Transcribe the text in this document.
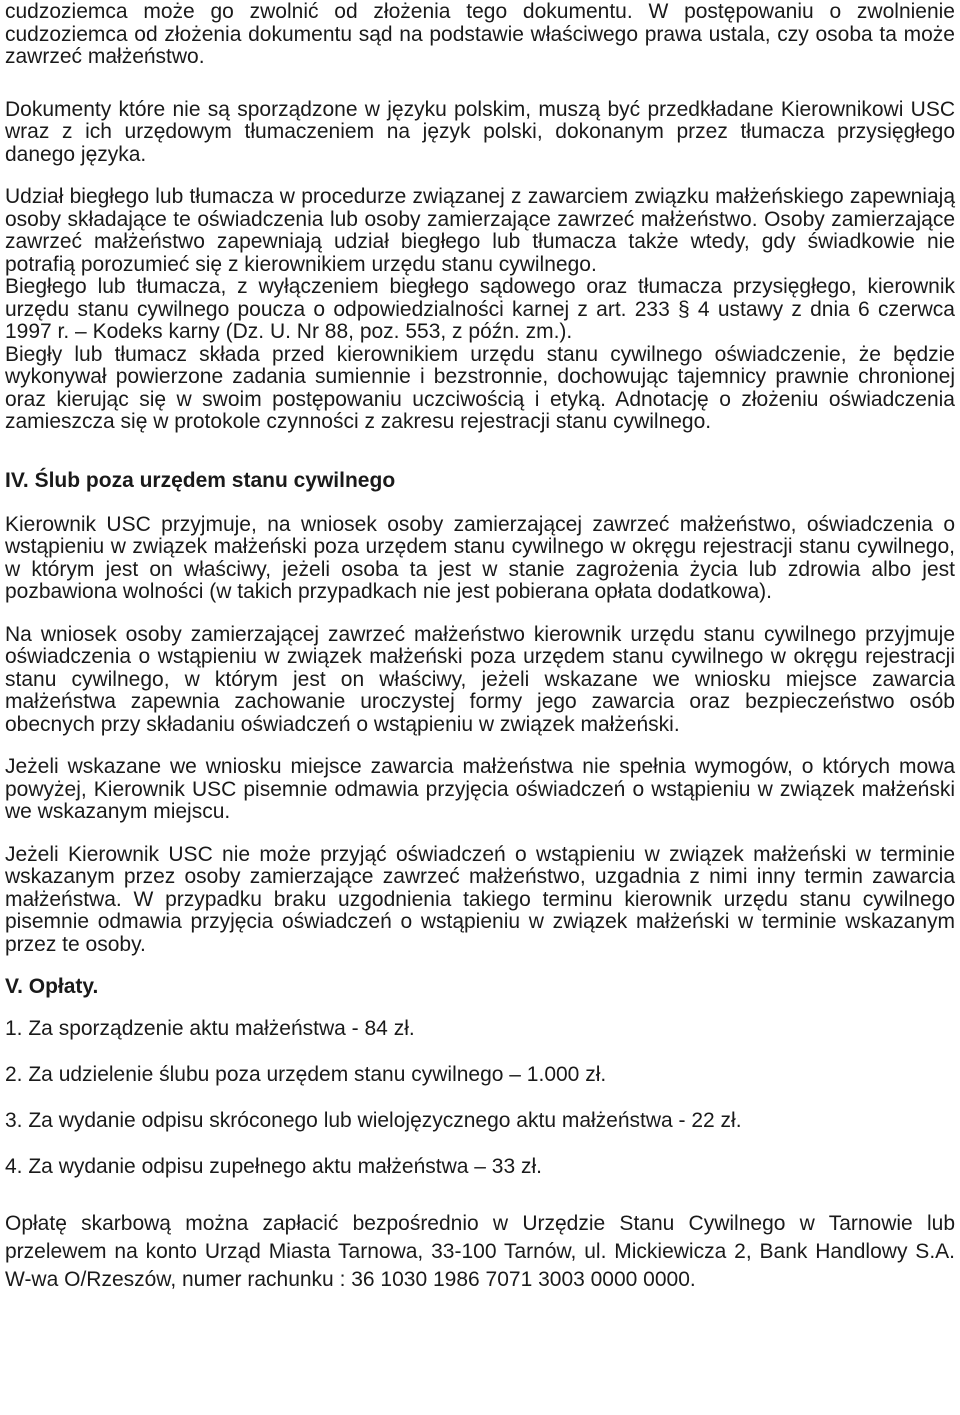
cudzoziemca może go zwolnić od złożenia tego dokumentu. W postępowaniu o zwolnienie cudzoziemca od złożenia dokumentu sąd na podstawie właściwego prawa ustala, czy osoba ta może zawrzeć małżeństwo.

Dokumenty które nie są sporządzone w języku polskim, muszą być przedkładane Kierownikowi USC wraz z ich urzędowym tłumaczeniem na język polski, dokonanym przez tłumacza przysięgłego danego języka.

Udział biegłego lub tłumacza w procedurze związanej z zawarciem związku małżeńskiego zapewniają osoby składające te oświadczenia lub osoby zamierzające zawrzeć małżeństwo. Osoby zamierzające zawrzeć małżeństwo zapewniają udział biegłego lub tłumacza także wtedy, gdy świadkowie nie potrafią porozumieć się z kierownikiem urzędu stanu cywilnego.

Biegłego lub tłumacza, z wyłączeniem biegłego sądowego oraz tłumacza przysięgłego, kierownik urzędu stanu cywilnego poucza o odpowiedzialności karnej z art. 233 § 4 ustawy z dnia 6 czerwca 1997 r. – Kodeks karny (Dz. U. Nr 88, poz. 553, z późn. zm.).

Biegły lub tłumacz składa przed kierownikiem urzędu stanu cywilnego oświadczenie, że będzie wykonywał powierzone zadania sumiennie i bezstronnie, dochowując tajemnicy prawnie chronionej oraz kierując się w swoim postępowaniu uczciwością i etyką. Adnotację o złożeniu oświadczenia zamieszcza się w protokole czynności z zakresu rejestracji stanu cywilnego.

IV. Ślub poza urzędem stanu cywilnego

Kierownik USC przyjmuje, na wniosek osoby zamierzającej zawrzeć małżeństwo, oświadczenia o wstąpieniu w związek małżeński poza urzędem stanu cywilnego w okręgu rejestracji stanu cywilnego, w którym jest on właściwy, jeżeli osoba ta jest w stanie zagrożenia życia lub zdrowia albo jest pozbawiona wolności (w takich przypadkach nie jest pobierana opłata dodatkowa).

Na wniosek osoby zamierzającej zawrzeć małżeństwo kierownik urzędu stanu cywilnego przyjmuje oświadczenia o wstąpieniu w związek małżeński poza urzędem stanu cywilnego w okręgu rejestracji stanu cywilnego, w którym jest on właściwy, jeżeli wskazane we wniosku miejsce zawarcia małżeństwa zapewnia zachowanie uroczystej formy jego zawarcia oraz bezpieczeństwo osób obecnych przy składaniu oświadczeń o wstąpieniu w związek małżeński.

Jeżeli wskazane we wniosku miejsce zawarcia małżeństwa nie spełnia wymogów, o których mowa powyżej, Kierownik USC pisemnie odmawia przyjęcia oświadczeń o wstąpieniu w związek małżeński we wskazanym miejscu.

Jeżeli Kierownik USC nie może przyjąć oświadczeń o wstąpieniu w związek małżeński w terminie wskazanym przez osoby zamierzające zawrzeć małżeństwo, uzgadnia z nimi inny termin zawarcia małżeństwa. W przypadku braku uzgodnienia takiego terminu kierownik urzędu stanu cywilnego pisemnie odmawia przyjęcia oświadczeń o wstąpieniu w związek małżeński w terminie wskazanym przez te osoby.

V. Opłaty.
1. Za sporządzenie aktu małżeństwa - 84 zł.
2. Za udzielenie ślubu poza urzędem stanu cywilnego – 1.000 zł.
3. Za wydanie odpisu skróconego lub wielojęzycznego aktu małżeństwa - 22 zł.
4. Za wydanie odpisu zupełnego aktu małżeństwa – 33 zł.

Opłatę skarbową można zapłacić bezpośrednio w Urzędzie Stanu Cywilnego w Tarnowie lub przelewem na konto Urząd Miasta Tarnowa, 33-100 Tarnów, ul. Mickiewicza 2, Bank Handlowy S.A. W-wa O/Rzeszów, numer rachunku : 36 1030 1986 7071 3003 0000 0000.
